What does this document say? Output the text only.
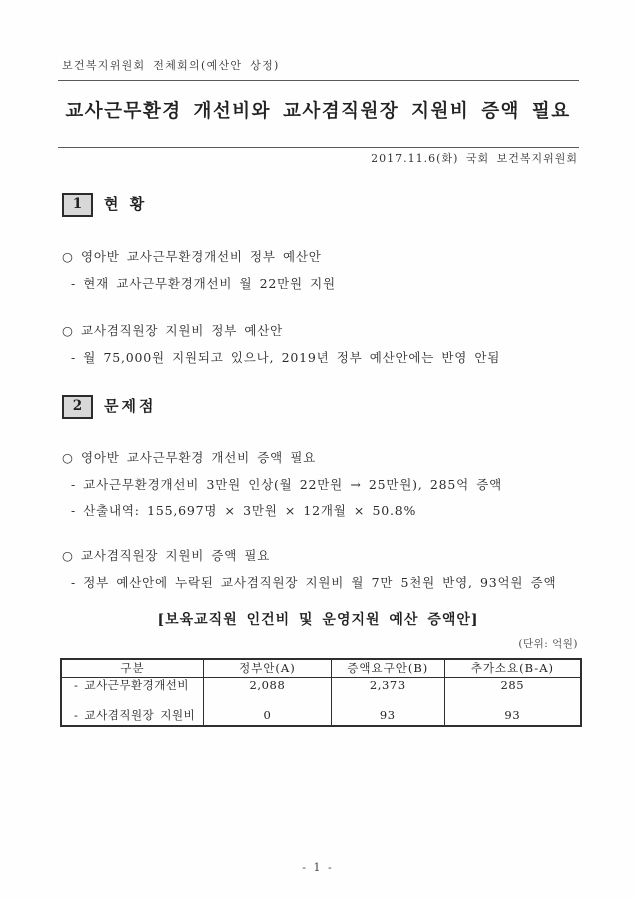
보건복지위원회 전체회의(예산안 상정)
교사근무환경 개선비와 교사겸직원장 지원비 증액 필요
2017.11.6(화) 국회 보건복지위원회
1	현 황
○ 영아반 교사근무환경개선비 정부 예산안
- 현재 교사근무환경개선비 월 22만원 지원
○ 교사겸직원장 지원비 정부 예산안
- 월 75,000원 지원되고 있으나, 2019년 정부 예산안에는 반영 안됨
2	문제점
○ 영아반 교사근무환경 개선비 증액 필요
- 교사근무환경개선비 3만원 인상(월 22만원 → 25만원), 285억 증액
- 산출내역: 155,697명 × 3만원 × 12개월 × 50.8%
○ 교사겸직원장 지원비 증액 필요
- 정부 예산안에 누락된 교사겸직원장 지원비 월 7만 5천원 반영, 93억원 증액
[보육교직원 인건비 및 운영지원 예산 증액안]
(단위: 억원)
구분	정부안(A)	증액요구안(B)	추가소요(B-A)
- 교사근무환경개선비	2,088	2,373	285
- 교사겸직원장 지원비	0	93	93
- 1 -
